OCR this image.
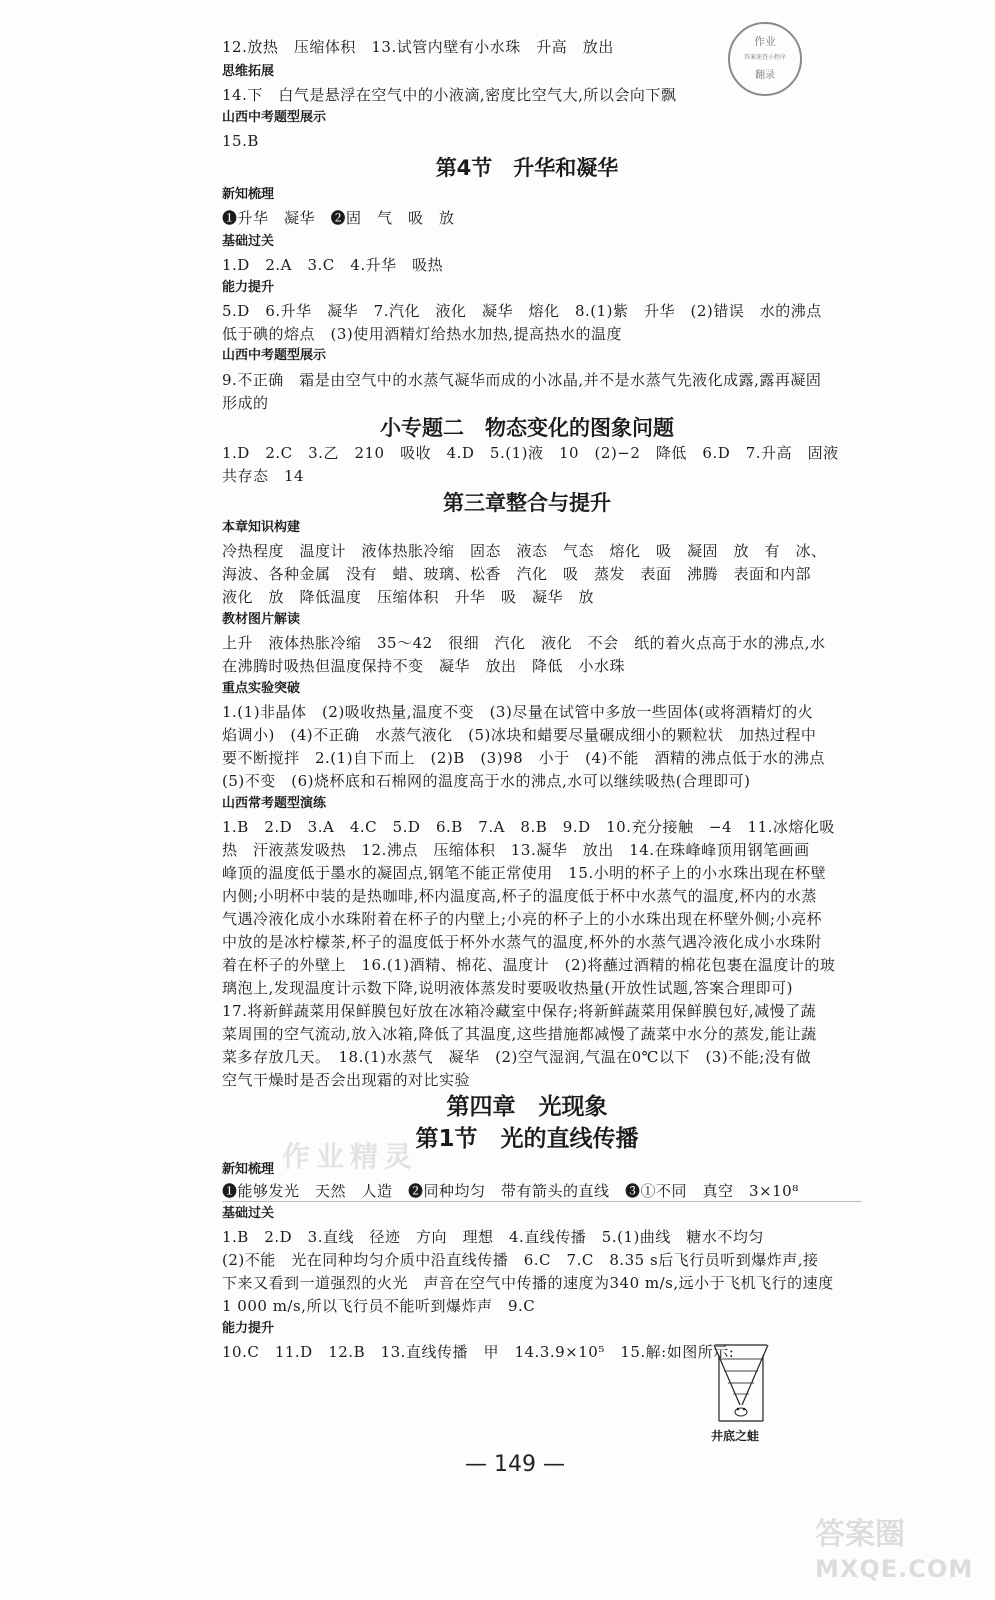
作业
答案速查小程序
翻录
12.放热　压缩体积　13.试管内壁有小水珠　升高　放出
思维拓展
14.下　白气是悬浮在空气中的小液滴,密度比空气大,所以会向下飘
山西中考题型展示
15.B
第4节　升华和凝华
新知梳理
❶升华　凝华　❷固　气　吸　放
基础过关
1.D　2.A　3.C　4.升华　吸热
能力提升
5.D　6.升华　凝华　7.汽化　液化　凝华　熔化　8.(1)紫　升华　(2)错误　水的沸点
低于碘的熔点　(3)使用酒精灯给热水加热,提高热水的温度
山西中考题型展示
9.不正确　霜是由空气中的水蒸气凝华而成的小冰晶,并不是水蒸气先液化成露,露再凝固
形成的
小专题二　物态变化的图象问题
1.D　2.C　3.乙　210　吸收　4.D　5.(1)液　10　(2)−2　降低　6.D　7.升高　固液
共存态　14
第三章整合与提升
本章知识构建
冷热程度　温度计　液体热胀冷缩　固态　液态　气态　熔化　吸　凝固　放　有　冰、
海波、各种金属　没有　蜡、玻璃、松香　汽化　吸　蒸发　表面　沸腾　表面和内部
液化　放　降低温度　压缩体积　升华　吸　凝华　放
教材图片解读
上升　液体热胀冷缩　35～42　很细　汽化　液化　不会　纸的着火点高于水的沸点,水
在沸腾时吸热但温度保持不变　凝华　放出　降低　小水珠
重点实验突破
1.(1)非晶体　(2)吸收热量,温度不变　(3)尽量在试管中多放一些固体(或将酒精灯的火
焰调小)　(4)不正确　水蒸气液化　(5)冰块和蜡要尽量碾成细小的颗粒状　加热过程中
要不断搅拌　2.(1)自下而上　(2)B　(3)98　小于　(4)不能　酒精的沸点低于水的沸点
(5)不变　(6)烧杯底和石棉网的温度高于水的沸点,水可以继续吸热(合理即可)
山西常考题型演练
1.B　2.D　3.A　4.C　5.D　6.B　7.A　8.B　9.D　10.充分接触　−4　11.冰熔化吸
热　汗液蒸发吸热　12.沸点　压缩体积　13.凝华　放出　14.在珠峰峰顶用钢笔画画
峰顶的温度低于墨水的凝固点,钢笔不能正常使用　15.小明的杯子上的小水珠出现在杯壁
内侧;小明杯中装的是热咖啡,杯内温度高,杯子的温度低于杯中水蒸气的温度,杯内的水蒸
气遇冷液化成小水珠附着在杯子的内壁上;小亮的杯子上的小水珠出现在杯壁外侧;小亮杯
中放的是冰柠檬茶,杯子的温度低于杯外水蒸气的温度,杯外的水蒸气遇冷液化成小水珠附
着在杯子的外壁上　16.(1)酒精、棉花、温度计　(2)将蘸过酒精的棉花包裹在温度计的玻
璃泡上,发现温度计示数下降,说明液体蒸发时要吸收热量(开放性试题,答案合理即可)
17.将新鲜蔬菜用保鲜膜包好放在冰箱冷藏室中保存;将新鲜蔬菜用保鲜膜包好,减慢了蔬
菜周围的空气流动,放入冰箱,降低了其温度,这些措施都减慢了蔬菜中水分的蒸发,能让蔬
菜多存放几天。　18.(1)水蒸气　凝华　(2)空气湿润,气温在0℃以下　(3)不能;没有做
空气干燥时是否会出现霜的对比实验
第四章　光现象
作业精灵
第1节　光的直线传播
新知梳理
❶能够发光　天然　人造　❷同种均匀　带有箭头的直线　❸①不同　真空　3×10⁸
基础过关
1.B　2.D　3.直线　径迹　方向　理想　4.直线传播　5.(1)曲线　糖水不均匀
(2)不能　光在同种均匀介质中沿直线传播　6.C　7.C　8.35 s后飞行员听到爆炸声,接
下来又看到一道强烈的火光　声音在空气中传播的速度为340 m/s,远小于飞机飞行的速度
1 000 m/s,所以飞行员不能听到爆炸声　9.C
能力提升
10.C　11.D　12.B　13.直线传播　甲　14.3.9×10⁵　15.解:如图所示:
井底之蛙
— 149 —
答案圈
MXQE.COM
